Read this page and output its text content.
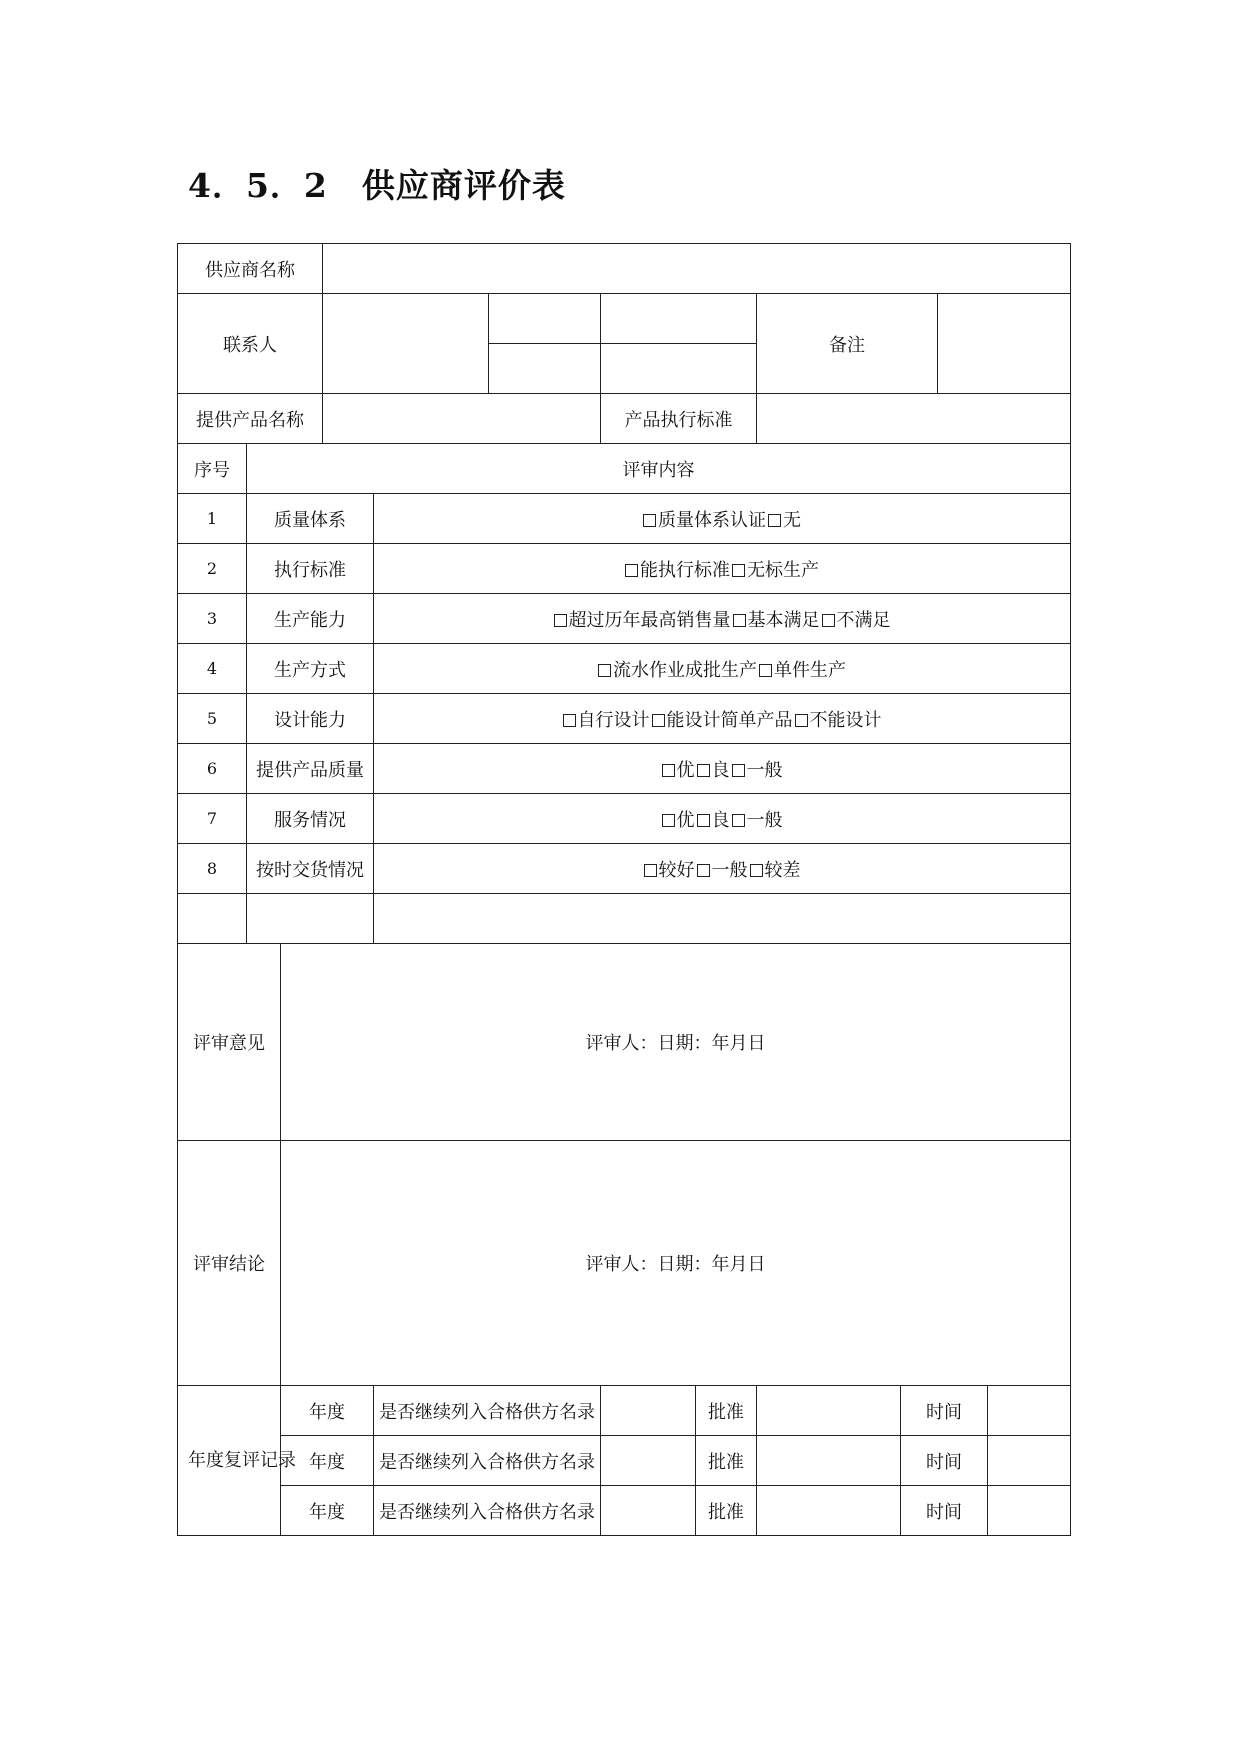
4．5．2　供应商评价表
供应商名称											
联系人								备注			

提供产品名称						产品执行标准					
序号	评审内容										
1	质量体系			质量体系认证 无							
2	执行标准			能执行标准 无标生产							
3	生产能力			超过历年最高销售量 基本满足 不满足							
4	生产方式			流水作业成批生产 单件生产							
5	设计能力			自行设计 能设计简单产品 不能设计							
6	提供产品质量			优 良 一般							
7	服务情况			优 良 一般							
8	按时交货情况			较好 一般 较差							

评审意见		评审人：日期：年月日									
评审结论		评审人：日期：年月日									
年度复评记录		年度		是否继续列入合格供方名录			批准		时间		
		年度		是否继续列入合格供方名录			批准		时间		
		年度		是否继续列入合格供方名录			批准		时间		
